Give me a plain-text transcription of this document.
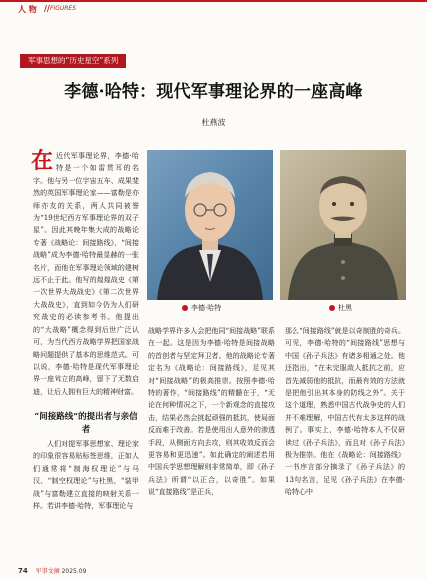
人 物 // FIGURES
军事思想的“历史星空”系列
李德·哈特：现代军事理论界的一座高峰
杜燕波
在近代军事理论界，李德·哈特是一个如雷贯耳的名字。他与另一位宇宙五车、成果斐然的英国军事理论家——富勒是亦师亦友的关系，两人共同被誉为“19世纪西方军事理论界的双子星”。因此其晚年集大成的战略论专著《战略论：间接路线》，“间接战略”成为李德·哈特最显赫的一张名片，而他在军事理论领域的建树远不止于此。他写的煌煌战史《第一次世界大战战史》《第二次世界大战战史》，直到如今仍为人们研究战史的必读参考书。他提出的“大战略”概念得到后世广泛认可，为当代西方战略学界把国家战略问题提供了基本的思维范式。可以说，李德·哈特是现代军事理论界一座耸立的高峰，留下了无数启迪，让后人拥有巨大的精神财富。
“间接路线”的提出者与亲信者
人们对提军事思想家、理论家的印象很容易贴标签思维，正如人们通常将“制海权理论”与马汉、“制空权理论”与杜黑、“装甲战”与富勒建立直接的映射关系一样。若讲李德·哈特，军事理论与
李德·哈特	杜黑
战略学界许多人会把他同“间接战略”联系在一起。这是因为李德·哈特是间接战略的首创者与坚定拜卫者。他的战略论专著定名为《战略论：间接路线》，足见其对“间接战略”的极高推崇。按照李德·哈特的著作，“间接路线”的精髓在于，“无论在何种情况之下，一个新观念的直接攻击，结果必然会挑起顽强的抵抗，使局面反而难于改善。若是使用出人意外的渗透手段，从侧面方向去攻，则其收效反而会更容易和更迅速”。如此确定的阐述若用中国兵学思想理解则非常简单，即《孙子兵法》所谓“以正合，以奇胜”。如果说“直接路线”是正兵，
那么“间接路线”就是以奇制胜的奇兵。可见，李德·哈特的“间接路线”思想与中国《孙子兵法》有诸多相通之处。他还指出，“在未完服敌人抵抗之前，应首先减弱他的抵抗，而最有效的方法就是把他引出其本身的防线之外”。关于这个道理，熟悉中国古代战争史的人们并不难理解，中国古代有太多这样的战例了。事实上，李德·哈特本人不仅研读过《孙子兵法》，而且对《孙子兵法》极为推崇。他在《战略论：间接路线》一书序言部分摘录了《孙子兵法》的13句名言，足见《孙子兵法》在李德·哈特心中
74 军事文摘 2025.09
